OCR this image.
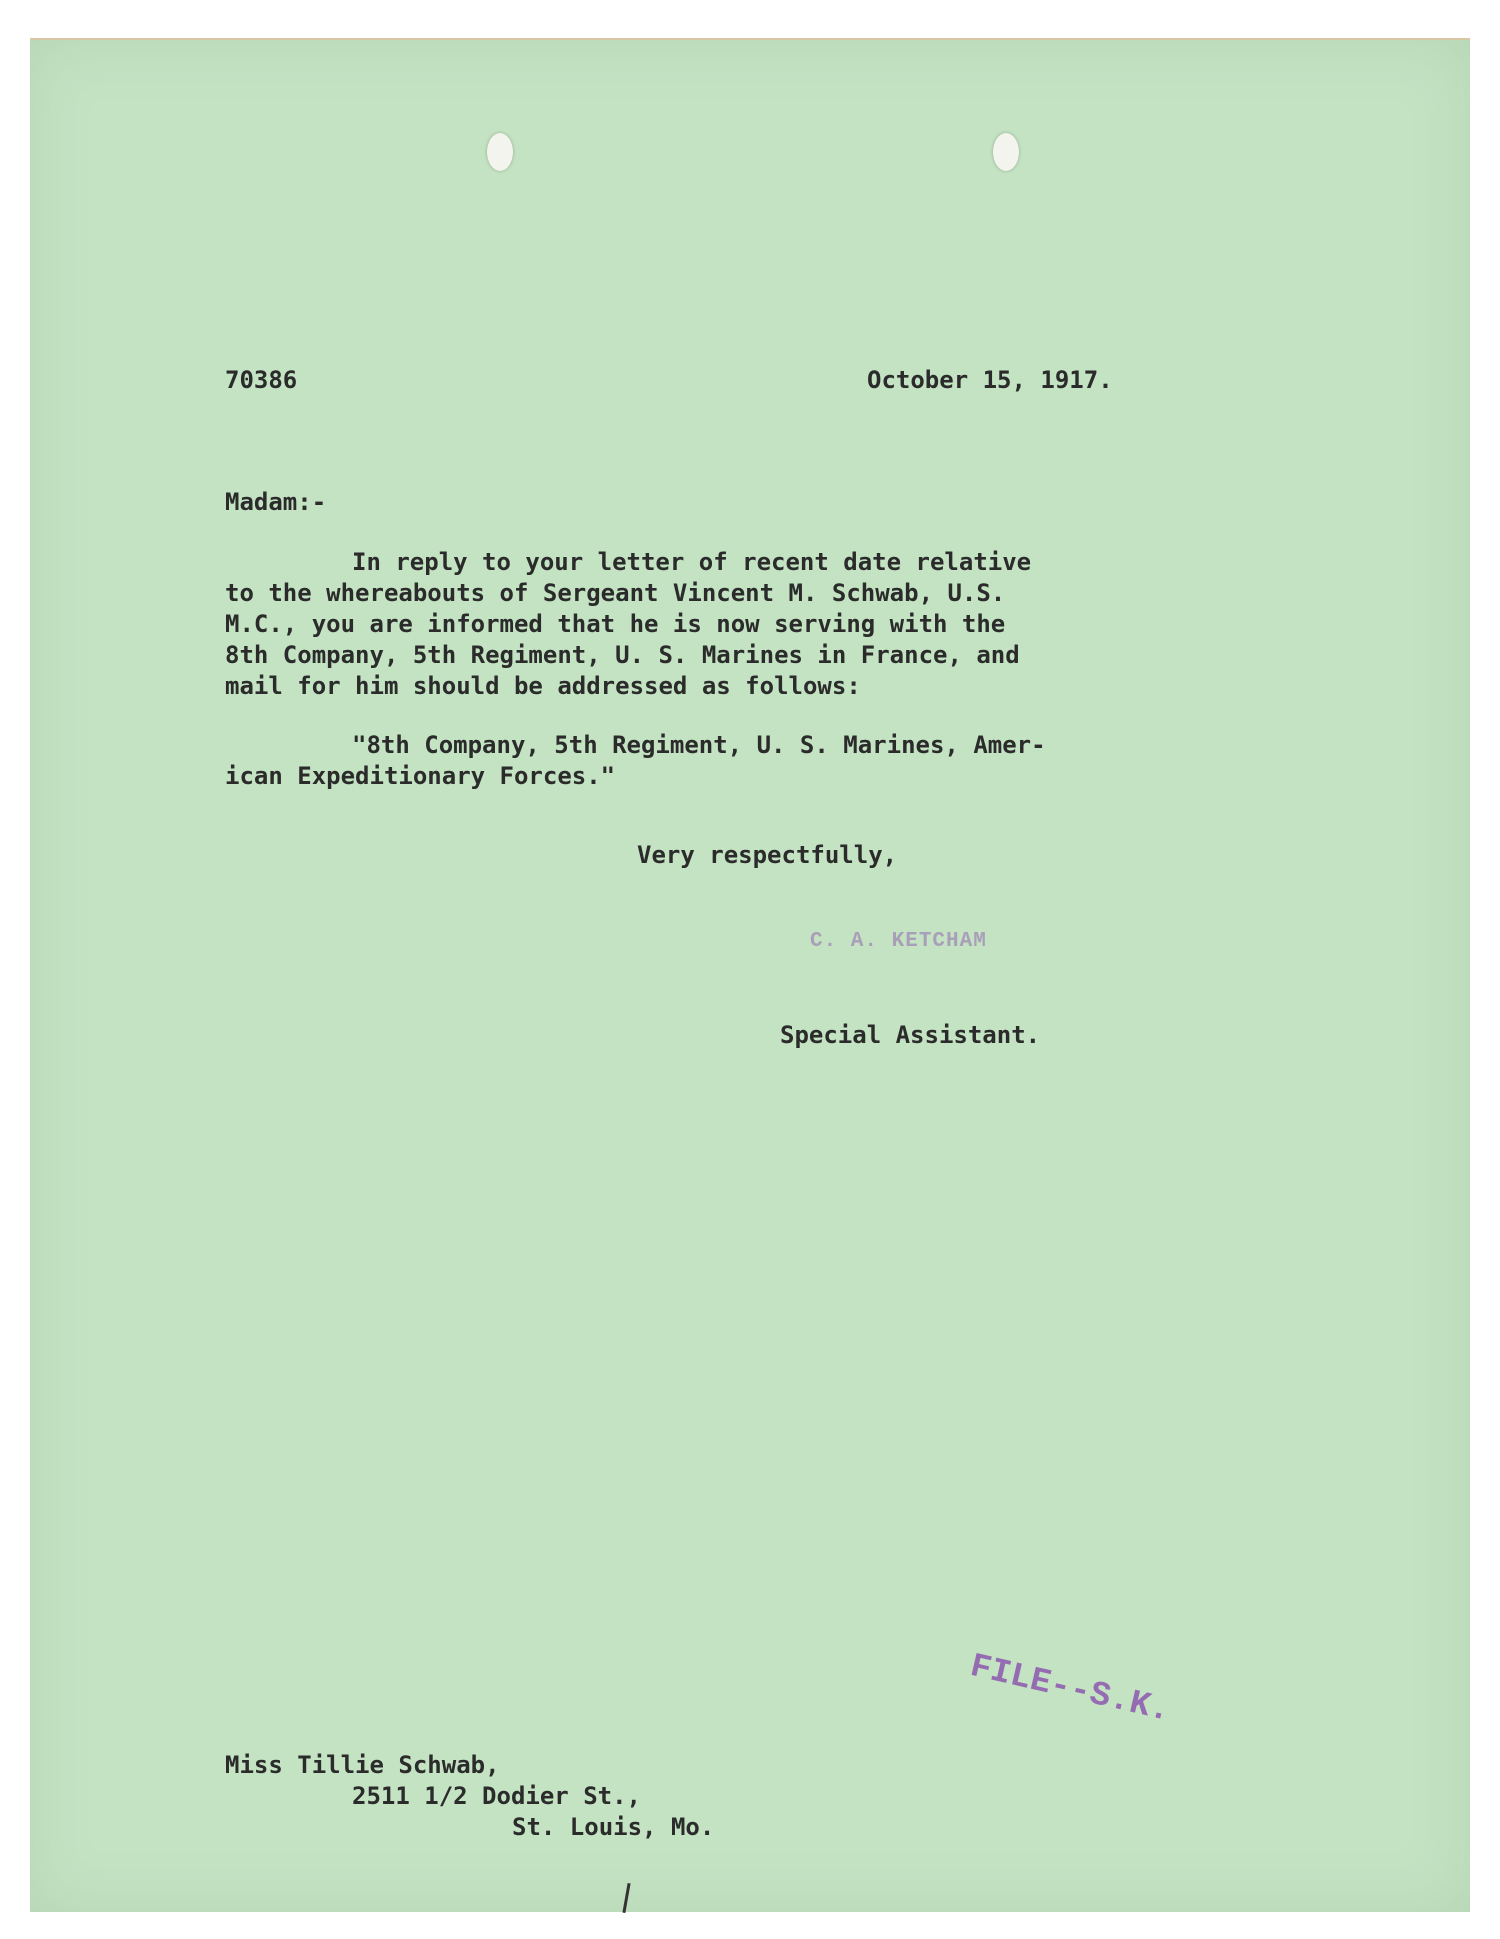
70386	October 15, 1917.

Madam:-

In reply to your letter of recent date relative

to the whereabouts of Sergeant Vincent M. Schwab, U.S.

M.C., you are informed that he is now serving with the

8th Company, 5th Regiment, U. S. Marines in France, and

mail for him should be addressed as follows:

"8th Company, 5th Regiment, U. S. Marines, Amer-

ican Expeditionary Forces."

Very respectfully,

C. A. KETCHAM

Special Assistant.

FILE--S.K.

Miss Tillie Schwab,

2511 1/2 Dodier St.,

St. Louis, Mo.
